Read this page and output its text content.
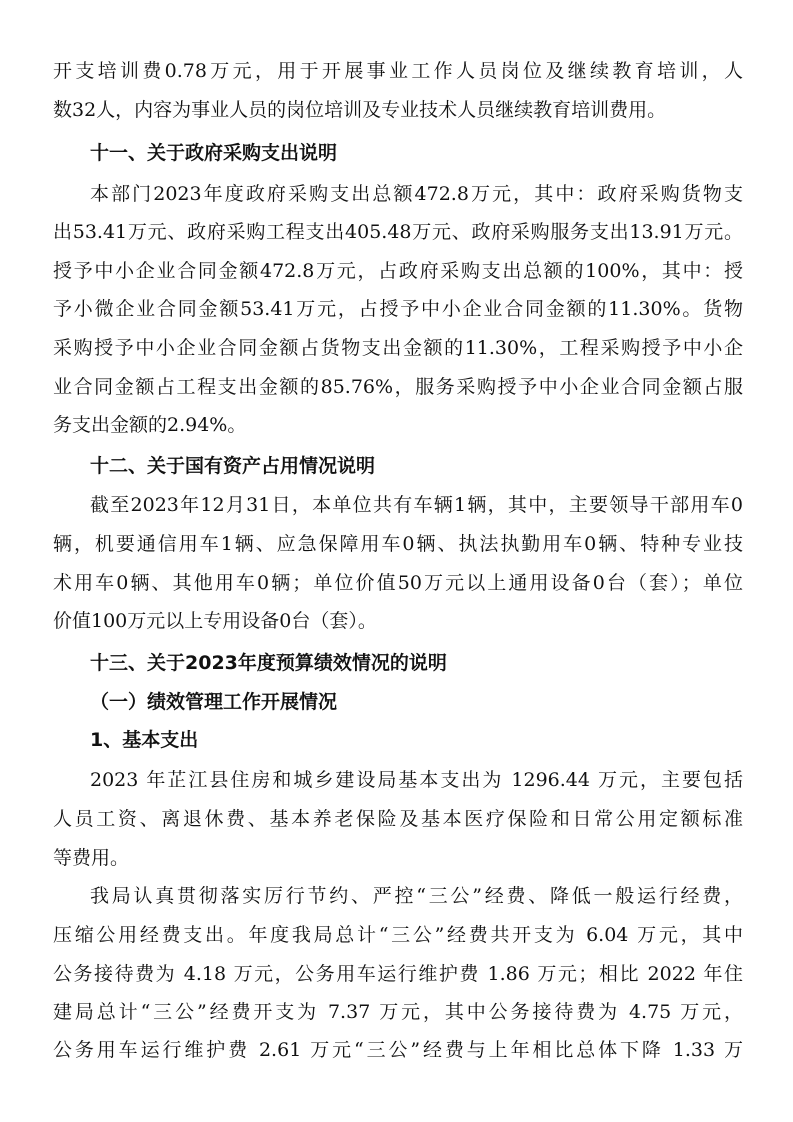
开支培训费0.78万元，用于开展事业工作人员岗位及继续教育培训，人
数32人，内容为事业人员的岗位培训及专业技术人员继续教育培训费用。
十一、关于政府采购支出说明
本部门2023年度政府采购支出总额472.8万元，其中：政府采购货物支
出53.41万元、政府采购工程支出405.48万元、政府采购服务支出13.91万元。
授予中小企业合同金额472.8万元，占政府采购支出总额的100%，其中：授
予小微企业合同金额53.41万元，占授予中小企业合同金额的11.30%。货物
采购授予中小企业合同金额占货物支出金额的11.30%，工程采购授予中小企
业合同金额占工程支出金额的85.76%，服务采购授予中小企业合同金额占服
务支出金额的2.94%。
十二、关于国有资产占用情况说明
截至2023年12月31日，本单位共有车辆1辆，其中，主要领导干部用车0
辆，机要通信用车1辆、应急保障用车0辆、执法执勤用车0辆、特种专业技
术用车0辆、其他用车0辆；单位价值50万元以上通用设备0台（套）；单位
价值100万元以上专用设备0台（套）。
十三、关于2023年度预算绩效情况的说明
（一）绩效管理工作开展情况
1、基本支出
2023 年芷江县住房和城乡建设局基本支出为 1296.44 万元，主要包括
人员工资、离退休费、基本养老保险及基本医疗保险和日常公用定额标准
等费用。
我局认真贯彻落实厉行节约、严控“三公”经费、降低一般运行经费，
压缩公用经费支出。年度我局总计“三公”经费共开支为 6.04 万元，其中
公务接待费为 4.18 万元，公务用车运行维护费 1.86 万元；相比 2022 年住
建局总计“三公”经费开支为 7.37 万元，其中公务接待费为 4.75 万元，
公务用车运行维护费 2.61 万元“三公”经费与上年相比总体下降 1.33 万
